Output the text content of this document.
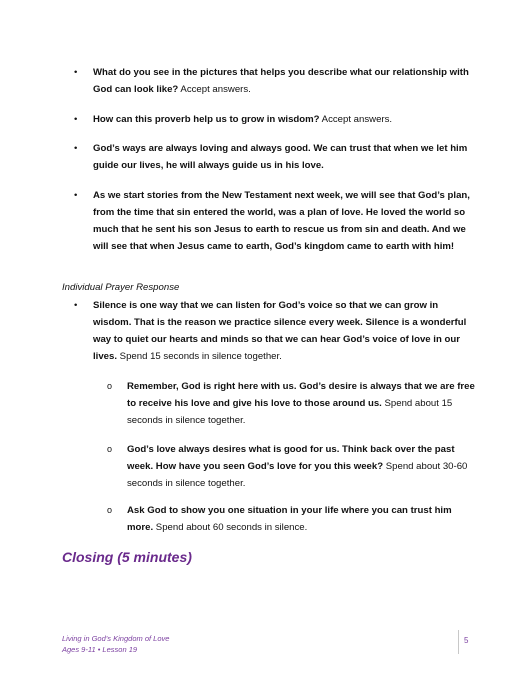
• What do you see in the pictures that helps you describe what our relationship with God can look like? Accept answers.
• How can this proverb help us to grow in wisdom? Accept answers.
• God’s ways are always loving and always good. We can trust that when we let him guide our lives, he will always guide us in his love.
• As we start stories from the New Testament next week, we will see that God’s plan, from the time that sin entered the world, was a plan of love. He loved the world so much that he sent his son Jesus to earth to rescue us from sin and death. And we will see that when Jesus came to earth, God’s kingdom came to earth with him!
Individual Prayer Response
• Silence is one way that we can listen for God’s voice so that we can grow in wisdom. That is the reason we practice silence every week. Silence is a wonderful way to quiet our hearts and minds so that we can hear God’s voice of love in our lives. Spend 15 seconds in silence together.
o Remember, God is right here with us. God’s desire is always that we are free to receive his love and give his love to those around us. Spend about 15 seconds in silence together.
o God’s love always desires what is good for us. Think back over the past week. How have you seen God’s love for you this week? Spend about 30-60 seconds in silence together.
o Ask God to show you one situation in your life where you can trust him more. Spend about 60 seconds in silence.
Closing (5 minutes)
Living in God’s Kingdom of Love
Ages 9-11 • Lesson 19
5
